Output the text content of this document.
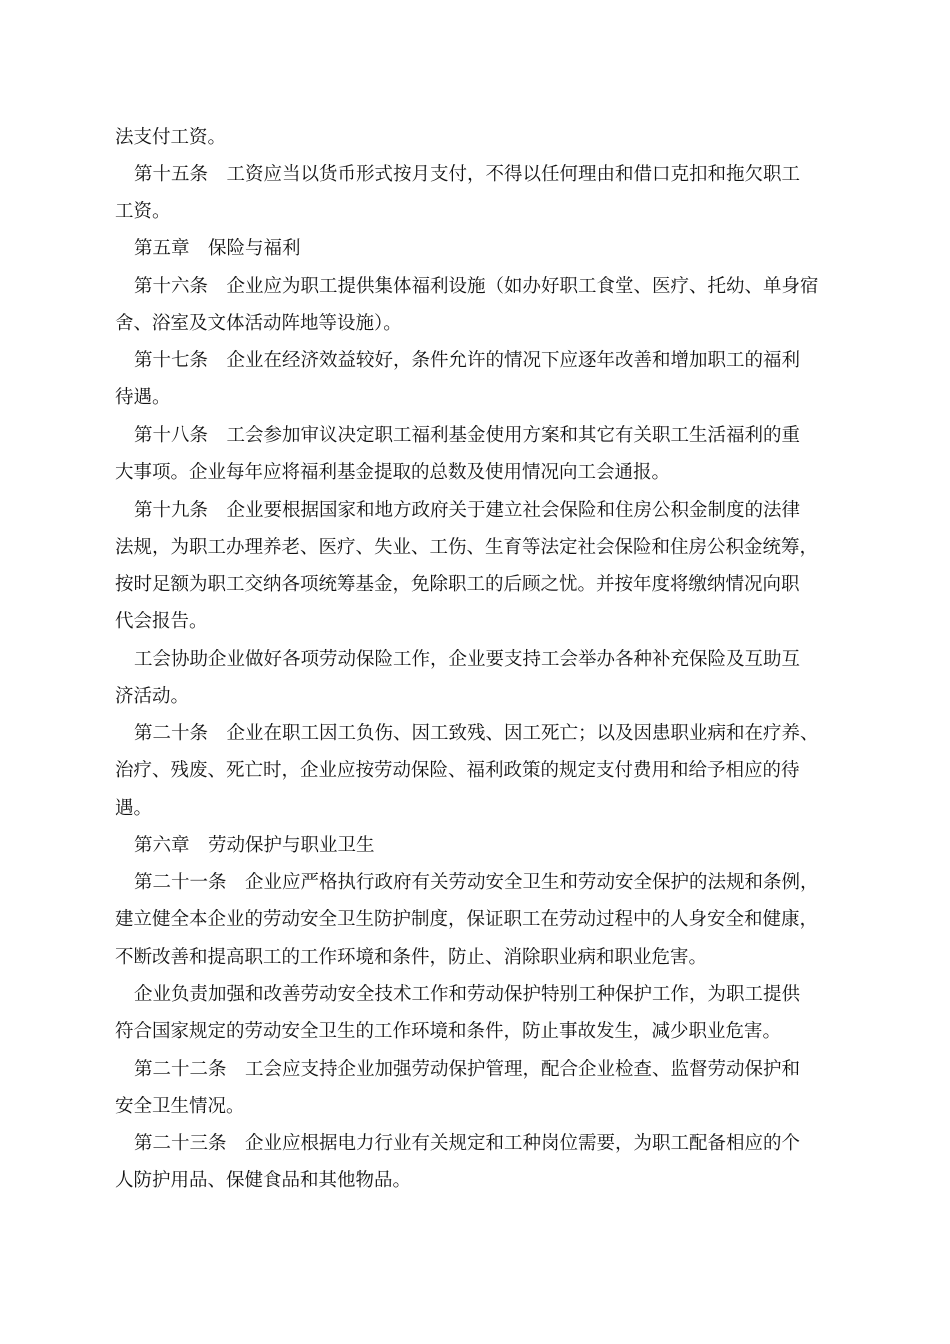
法支付工资。
第十五条　工资应当以货币形式按月支付，不得以任何理由和借口克扣和拖欠职工
工资。
第五章　保险与福利
第十六条　企业应为职工提供集体福利设施（如办好职工食堂、医疗、托幼、单身宿
舍、浴室及文体活动阵地等设施）。
第十七条　企业在经济效益较好，条件允许的情况下应逐年改善和增加职工的福利
待遇。
第十八条　工会参加审议决定职工福利基金使用方案和其它有关职工生活福利的重
大事项。企业每年应将福利基金提取的总数及使用情况向工会通报。
第十九条　企业要根据国家和地方政府关于建立社会保险和住房公积金制度的法律
法规，为职工办理养老、医疗、失业、工伤、生育等法定社会保险和住房公积金统筹，
按时足额为职工交纳各项统筹基金，免除职工的后顾之忧。并按年度将缴纳情况向职
代会报告。
工会协助企业做好各项劳动保险工作，企业要支持工会举办各种补充保险及互助互
济活动。
第二十条　企业在职工因工负伤、因工致残、因工死亡；以及因患职业病和在疗养、
治疗、残废、死亡时，企业应按劳动保险、福利政策的规定支付费用和给予相应的待
遇。
第六章　劳动保护与职业卫生
第二十一条　企业应严格执行政府有关劳动安全卫生和劳动安全保护的法规和条例，
建立健全本企业的劳动安全卫生防护制度，保证职工在劳动过程中的人身安全和健康，
不断改善和提高职工的工作环境和条件，防止、消除职业病和职业危害。
企业负责加强和改善劳动安全技术工作和劳动保护特别工种保护工作，为职工提供
符合国家规定的劳动安全卫生的工作环境和条件，防止事故发生，减少职业危害。
第二十二条　工会应支持企业加强劳动保护管理，配合企业检查、监督劳动保护和
安全卫生情况。
第二十三条　企业应根据电力行业有关规定和工种岗位需要，为职工配备相应的个
人防护用品、保健食品和其他物品。
